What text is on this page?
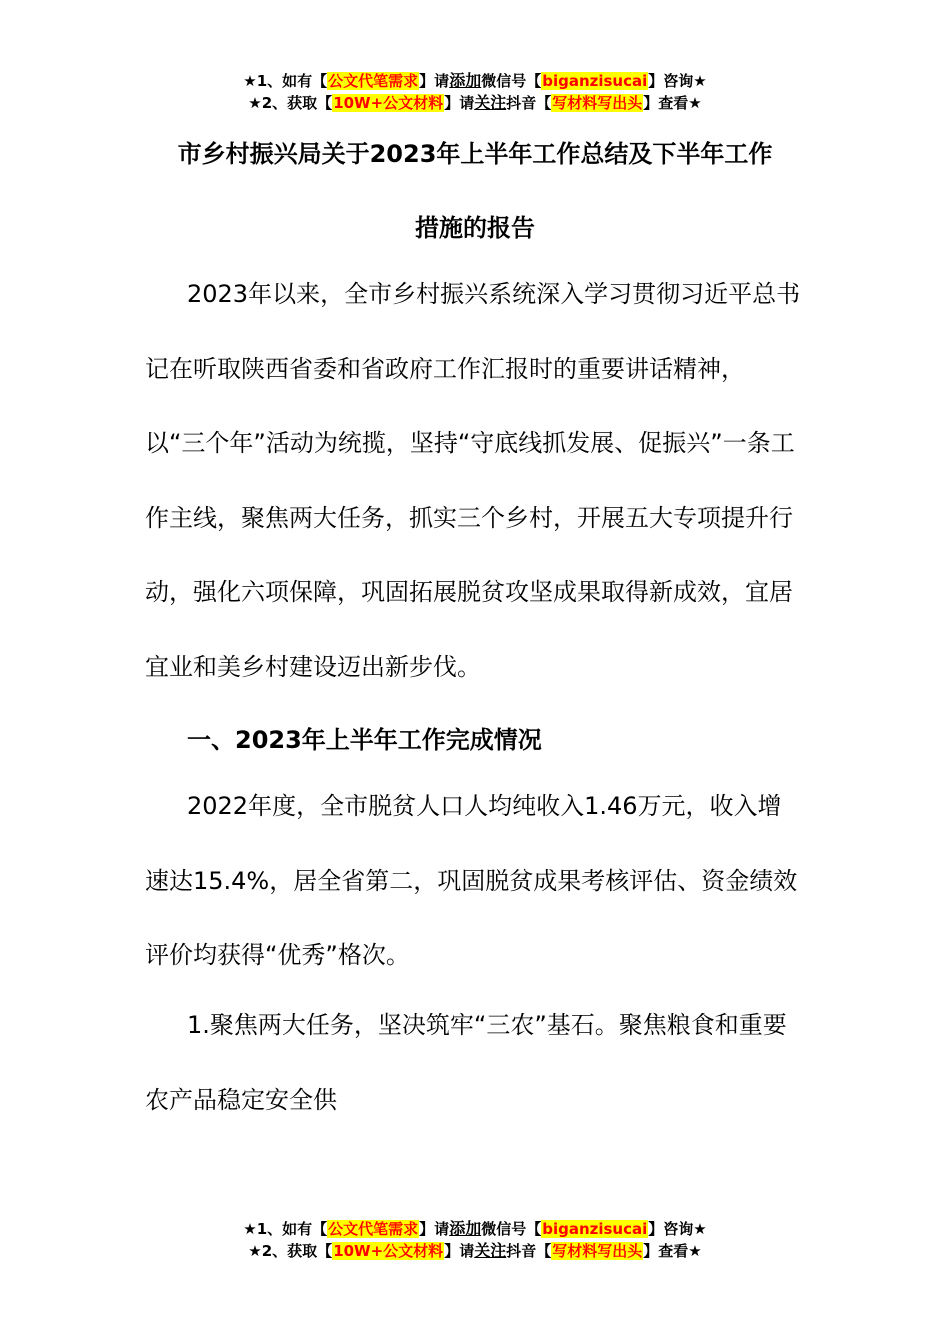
★1、如有【公文代笔需求】请添加微信号【biganzisucai】咨询★
★2、获取【10W+公文材料】请关注抖音【写材料写出头】查看★
市乡村振兴局关于2023年上半年工作总结及下半年工作
措施的报告

2023年以来，全市乡村振兴系统深入学习贯彻习近平总书记在听取陕西省委和省政府工作汇报时的重要讲话精神，以“三个年”活动为统揽，坚持“守底线抓发展、促振兴”一条工作主线，聚焦两大任务，抓实三个乡村，开展五大专项提升行动，强化六项保障，巩固拓展脱贫攻坚成果取得新成效，宜居宜业和美乡村建设迈出新步伐。

一、2023年上半年工作完成情况

2022年度，全市脱贫人口人均纯收入1.46万元，收入增速达15.4%，居全省第二，巩固脱贫成果考核评估、资金绩效评价均获得“优秀”格次。

1.聚焦两大任务，坚决筑牢“三农”基石。聚焦粮食和重要农产品稳定安全供

★1、如有【公文代笔需求】请添加微信号【biganzisucai】咨询★
★2、获取【10W+公文材料】请关注抖音【写材料写出头】查看★
